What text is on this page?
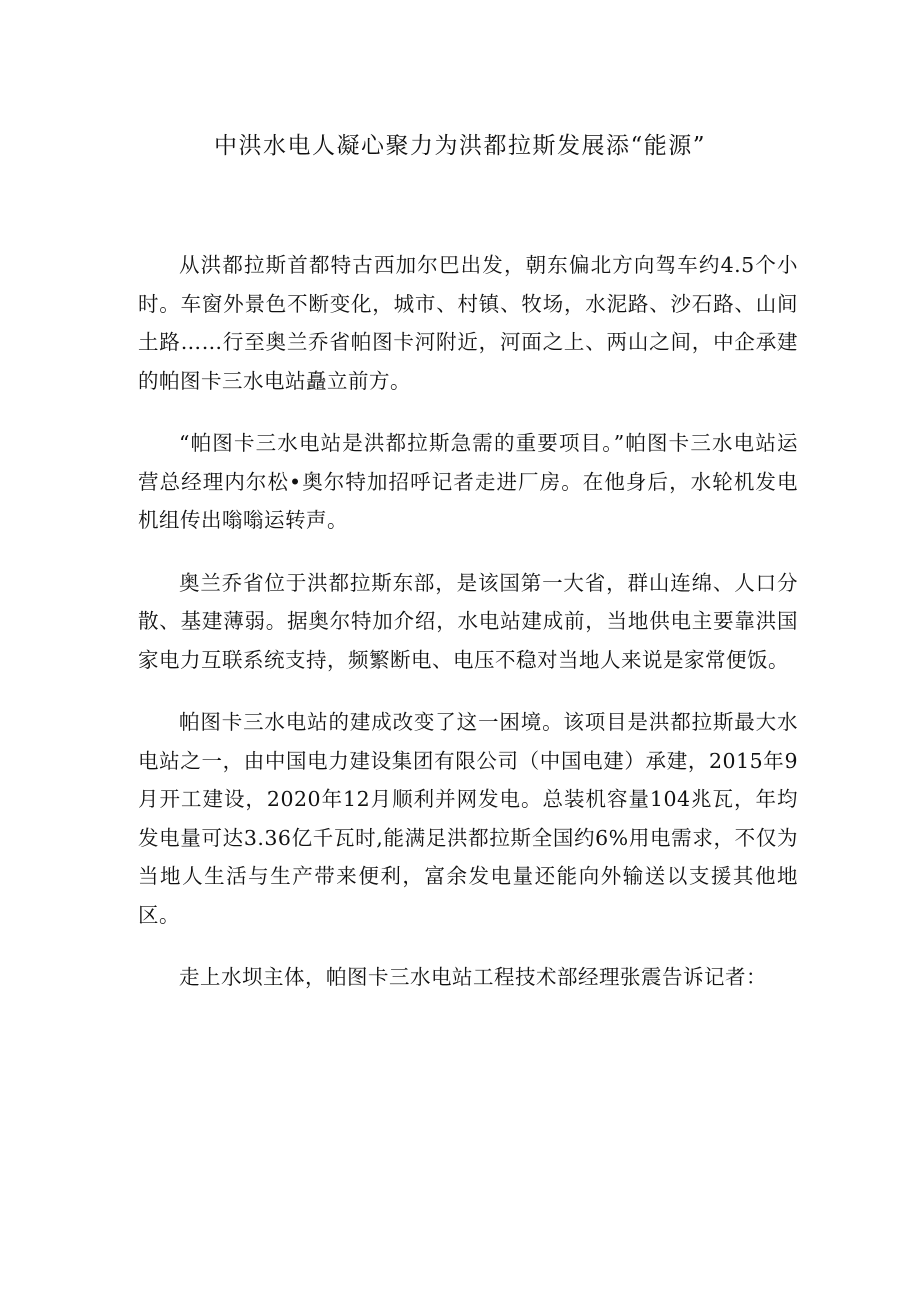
中洪水电人凝心聚力为洪都拉斯发展添“能源”

从洪都拉斯首都特古西加尔巴出发，朝东偏北方向驾车约4.5个小时。车窗外景色不断变化，城市、村镇、牧场，水泥路、沙石路、山间土路……行至奥兰乔省帕图卡河附近，河面之上、两山之间，中企承建的帕图卡三水电站矗立前方。

“帕图卡三水电站是洪都拉斯急需的重要项目。”帕图卡三水电站运营总经理内尔松•奥尔特加招呼记者走进厂房。在他身后，水轮机发电机组传出嗡嗡运转声。

奥兰乔省位于洪都拉斯东部，是该国第一大省，群山连绵、人口分散、基建薄弱。据奥尔特加介绍，水电站建成前，当地供电主要靠洪国家电力互联系统支持，频繁断电、电压不稳对当地人来说是家常便饭。

帕图卡三水电站的建成改变了这一困境。该项目是洪都拉斯最大水电站之一，由中国电力建设集团有限公司（中国电建）承建，2015年9月开工建设，2020年12月顺利并网发电。总装机容量104兆瓦，年均发电量可达3.36亿千瓦时,能满足洪都拉斯全国约6%用电需求，不仅为当地人生活与生产带来便利，富余发电量还能向外输送以支援其他地区。

走上水坝主体，帕图卡三水电站工程技术部经理张震告诉记者：
